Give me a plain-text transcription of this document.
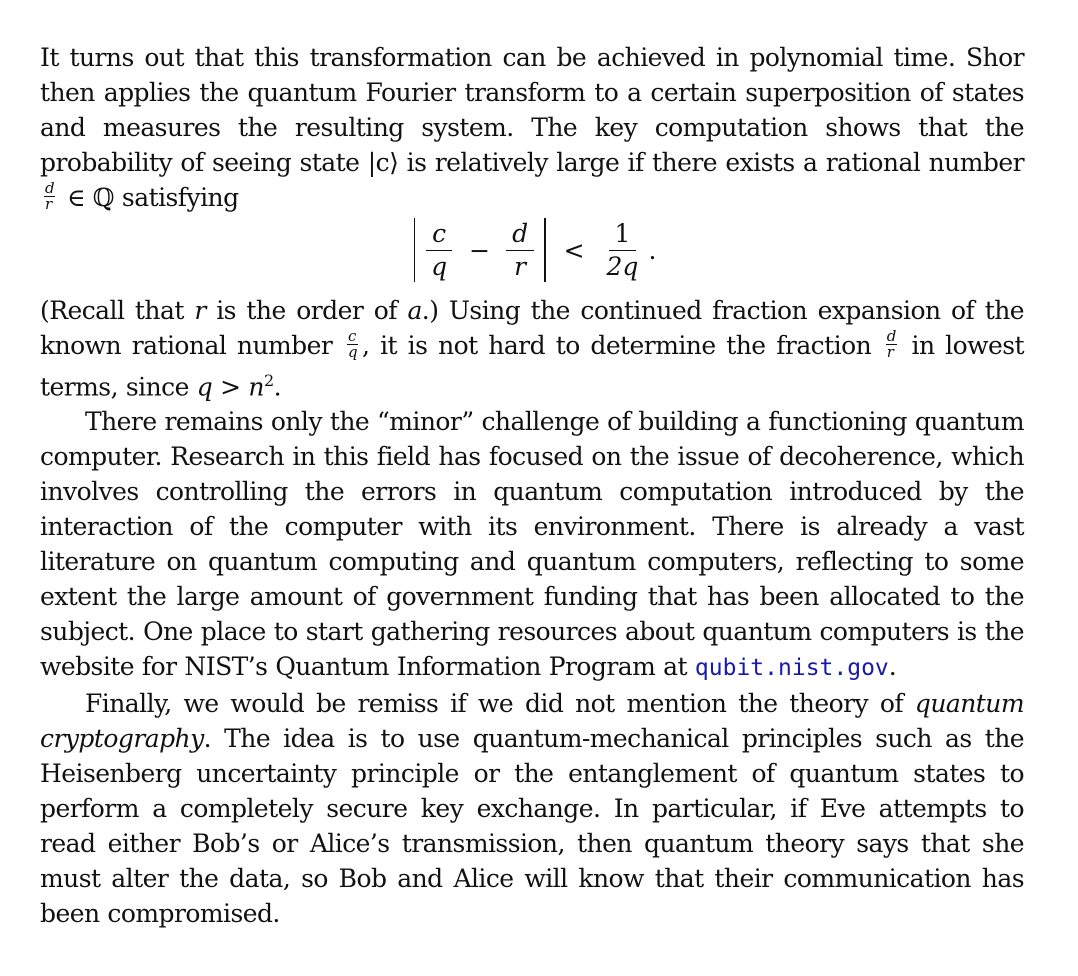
It turns out that this transformation can be achieved in polynomial time. Shor then applies the quantum Fourier transform to a certain superposition of states and measures the resulting system. The key computation shows that the probability of seeing state |c⟩ is relatively large if there exists a rational number
$\frac{d}{r}$ ∈ ℚ satisfying

$\frac{c}{q} - \frac{d}{r} < \frac{1}{2q}$ .

(Recall that r is the order of a.) Using the continued fraction expansion of the known rational number $\frac{c}{q}$ , it is not hard to determine the fraction $\frac{d}{r}$ in lowest terms, since $q > n^2$.

There remains only the “minor” challenge of building a functioning quantum computer. Research in this field has focused on the issue of decoherence, which involves controlling the errors in quantum computation introduced by the interaction of the computer with its environment. There is already a vast literature on quantum computing and quantum computers, reflecting to some extent the large amount of government funding that has been allocated to the subject. One place to start gathering resources about quantum computers is the website for NIST’s Quantum Information Program at qubit.nist.gov.

Finally, we would be remiss if we did not mention the theory of quantum cryptography. The idea is to use quantum-mechanical principles such as the Heisenberg uncertainty principle or the entanglement of quantum states to perform a completely secure key exchange. In particular, if Eve attempts to read either Bob’s or Alice’s transmission, then quantum theory says that she must alter the data, so Bob and Alice will know that their communication has been compromised.
